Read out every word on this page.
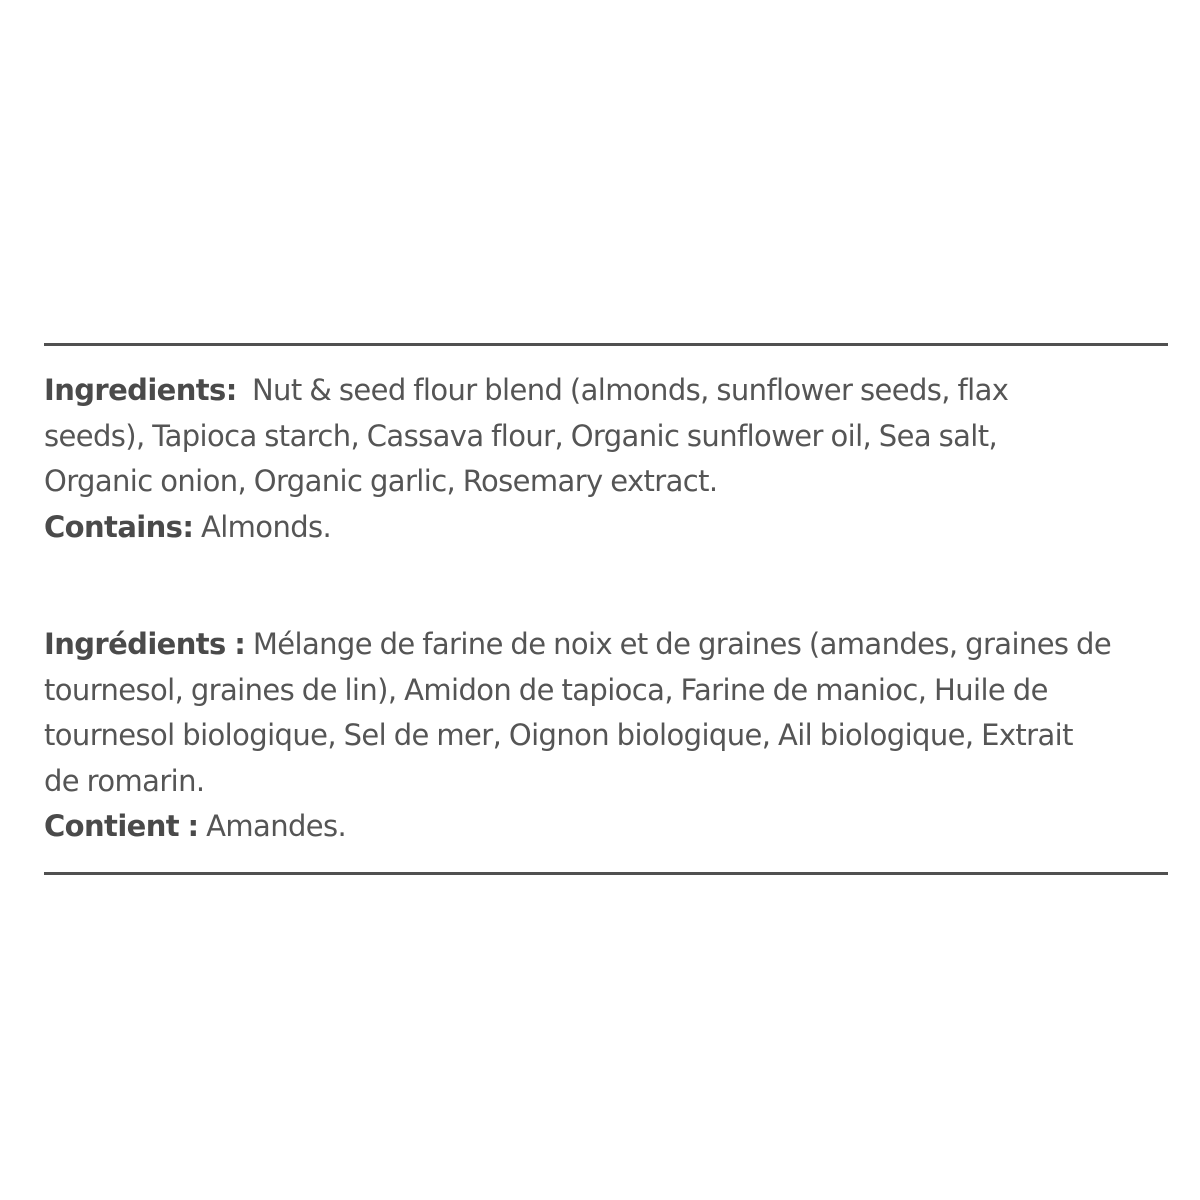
Ingredients: Nut & seed flour blend (almonds, sunflower seeds, flax
seeds), Tapioca starch, Cassava flour, Organic sunflower oil, Sea salt,
Organic onion, Organic garlic, Rosemary extract.
Contains: Almonds.
Ingrédients : Mélange de farine de noix et de graines (amandes, graines de
tournesol, graines de lin), Amidon de tapioca, Farine de manioc, Huile de
tournesol biologique, Sel de mer, Oignon biologique, Ail biologique, Extrait
de romarin.
Contient : Amandes.
